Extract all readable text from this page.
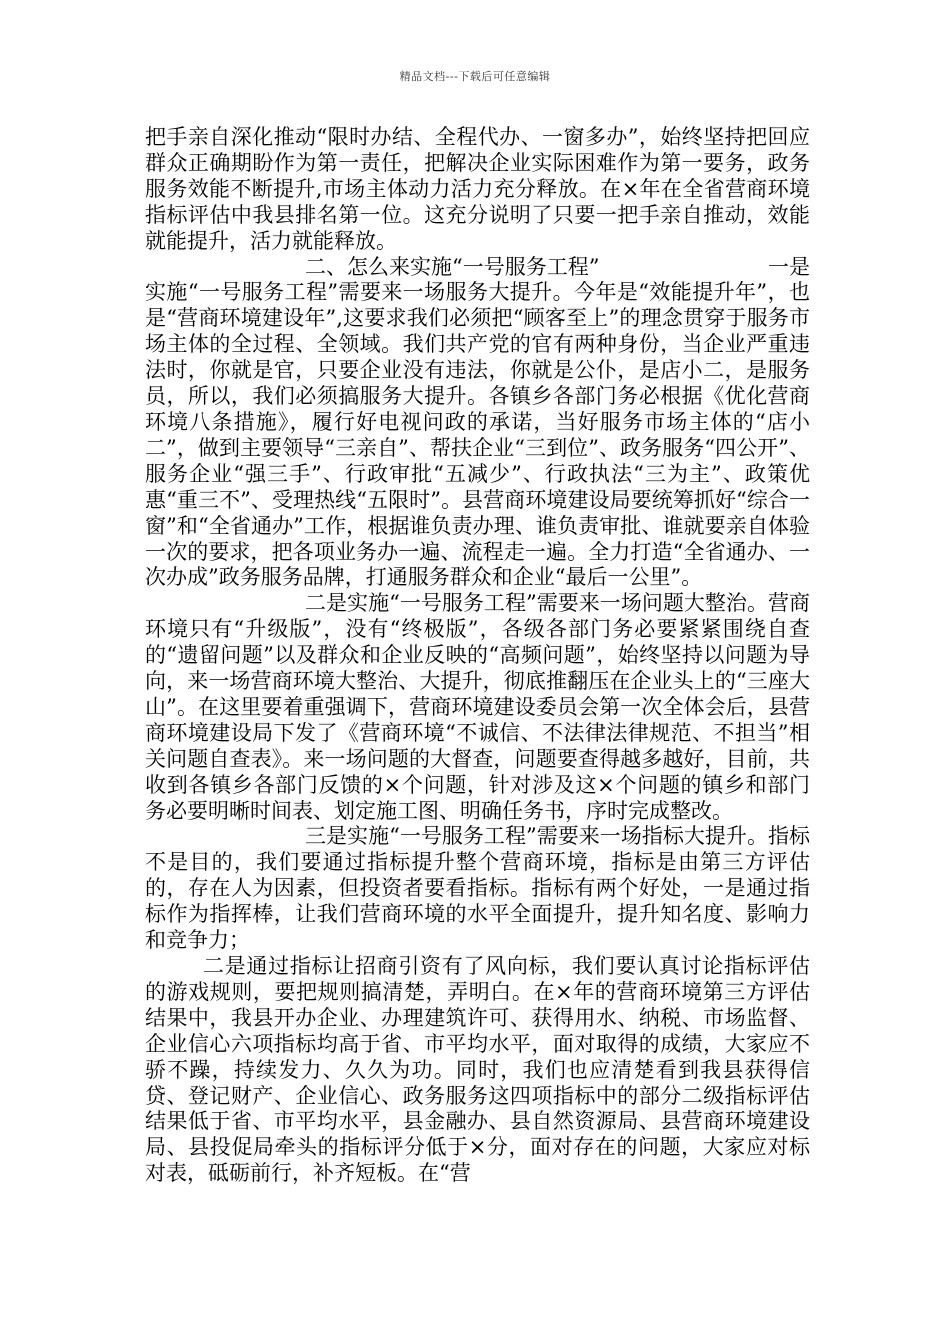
精品文档---下载后可任意编辑

把手亲自深化推动“限时办结、全程代办、一窗多办”，始终坚持把回应群众正确期盼作为第一责任，把解决企业实际困难作为第一要务，政务服务效能不断提升,市场主体动力活力充分释放。在×年在全省营商环境指标评估中我县排名第一位。这充分说明了只要一把手亲自推动，效能就能提升，活力就能释放。

二、怎么来实施“一号服务工程”	一是

实施“一号服务工程”需要来一场服务大提升。今年是“效能提升年”，也是“营商环境建设年”,这要求我们必须把“顾客至上”的理念贯穿于服务市场主体的全过程、全领域。我们共产党的官有两种身份，当企业严重违法时，你就是官，只要企业没有违法，你就是公仆，是店小二，是服务员，所以，我们必须搞服务大提升。各镇乡各部门务必根据《优化营商环境八条措施》，履行好电视问政的承诺，当好服务市场主体的“店小二”，做到主要领导“三亲自”、帮扶企业“三到位”、政务服务“四公开”、服务企业“强三手”、行政审批“五减少”、行政执法“三为主”、政策优惠“重三不”、受理热线“五限时”。县营商环境建设局要统筹抓好“综合一窗”和“全省通办”工作，根据谁负责办理、谁负责审批、谁就要亲自体验一次的要求，把各项业务办一遍、流程走一遍。全力打造“全省通办、一次办成”政务服务品牌，打通服务群众和企业“最后一公里”。

二是实施“一号服务工程”需要来一场问题大整治。营商环境只有“升级版”，没有“终极版”，各级各部门务必要紧紧围绕自查的“遗留问题”以及群众和企业反映的“高频问题”，始终坚持以问题为导向，来一场营商环境大整治、大提升，彻底推翻压在企业头上的“三座大山”。在这里要着重强调下，营商环境建设委员会第一次全体会后，县营商环境建设局下发了《营商环境“不诚信、不法律法律规范、不担当”相关问题自查表》。来一场问题的大督查，问题要查得越多越好，目前，共收到各镇乡各部门反馈的×个问题，针对涉及这×个问题的镇乡和部门务必要明晰时间表、划定施工图、明确任务书，序时完成整改。

三是实施“一号服务工程”需要来一场指标大提升。指标不是目的，我们要通过指标提升整个营商环境，指标是由第三方评估的，存在人为因素，但投资者要看指标。指标有两个好处，一是通过指标作为指挥棒，让我们营商环境的水平全面提升，提升知名度、影响力和竞争力；

二是通过指标让招商引资有了风向标，我们要认真讨论指标评估的游戏规则，要把规则搞清楚，弄明白。在×年的营商环境第三方评估结果中，我县开办企业、办理建筑许可、获得用水、纳税、市场监督、企业信心六项指标均高于省、市平均水平，面对取得的成绩，大家应不骄不躁，持续发力、久久为功。同时，我们也应清楚看到我县获得信贷、登记财产、企业信心、政务服务这四项指标中的部分二级指标评估结果低于省、市平均水平，县金融办、县自然资源局、县营商环境建设局、县投促局牵头的指标评分低于×分，面对存在的问题，大家应对标对表，砥砺前行，补齐短板。在“营
